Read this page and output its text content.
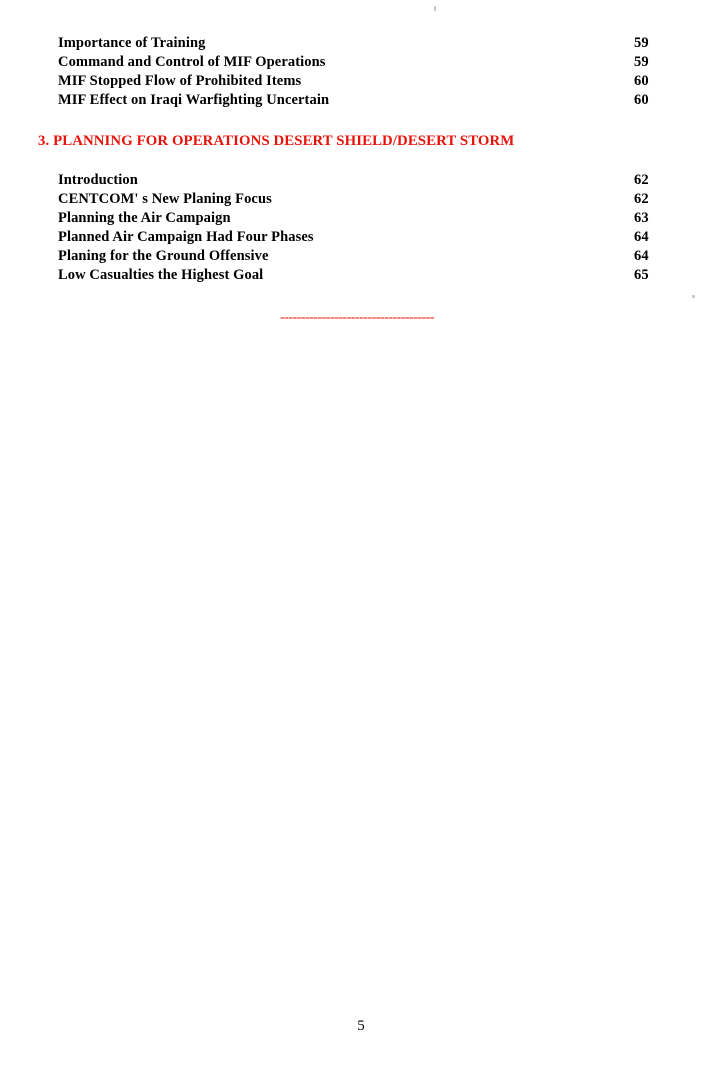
Importance of Training	59
Command and Control of MIF Operations	59
MIF Stopped Flow of Prohibited Items	60
MIF Effect on Iraqi Warfighting Uncertain	60
3. PLANNING FOR OPERATIONS DESERT SHIELD/DESERT STORM
Introduction	62
CENTCOM' s New Planing Focus	62
Planning the Air Campaign	63
Planned Air Campaign Had Four Phases	64
Planing for the Ground Offensive	64
Low Casualties the Highest Goal	65
-------------------------------------
5
